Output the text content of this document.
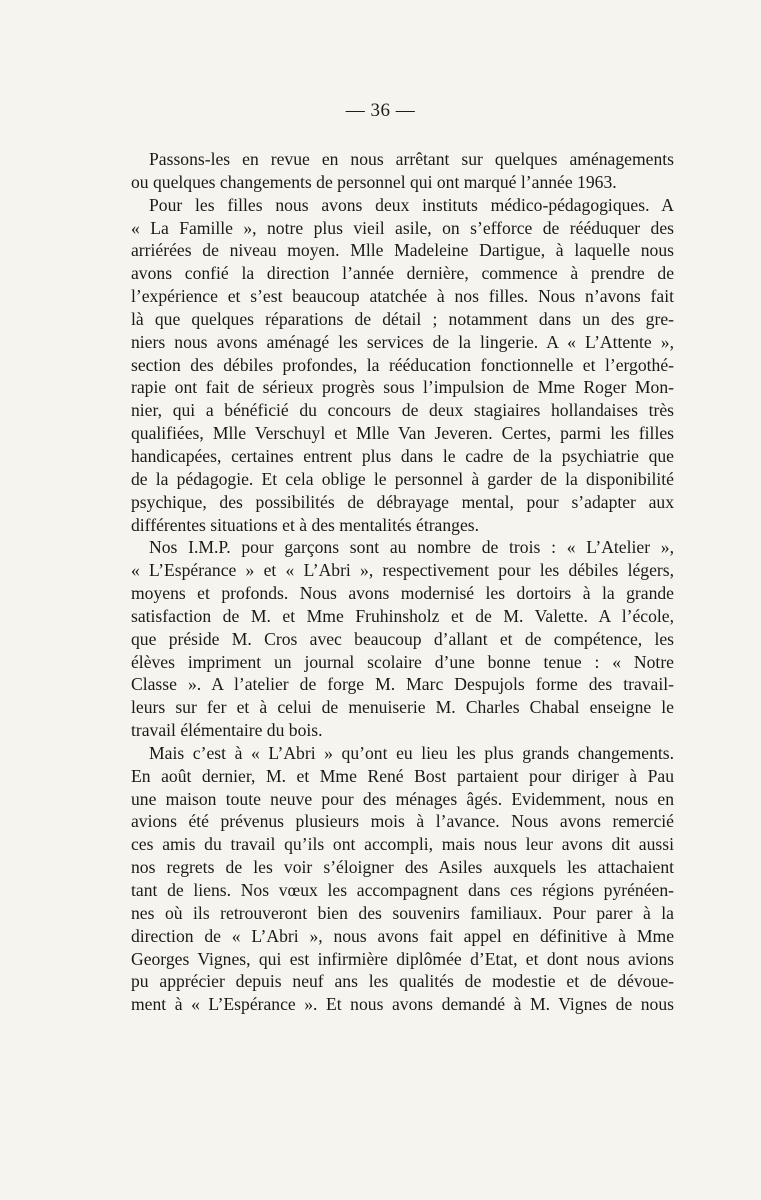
— 36 —
Passons-les en revue en nous arrêtant sur quelques aménagements
ou quelques changements de personnel qui ont marqué l’année 1963.
Pour les filles nous avons deux instituts médico-pédagogiques. A
« La Famille », notre plus vieil asile, on s’efforce de rééduquer des
arriérées de niveau moyen. Mlle Madeleine Dartigue, à laquelle nous
avons confié la direction l’année dernière, commence à prendre de
l’expérience et s’est beaucoup atatchée à nos filles. Nous n’avons fait
là que quelques réparations de détail ; notamment dans un des gre-
niers nous avons aménagé les services de la lingerie. A « L’Attente »,
section des débiles profondes, la rééducation fonctionnelle et l’ergothé-
rapie ont fait de sérieux progrès sous l’impulsion de Mme Roger Mon-
nier, qui a bénéficié du concours de deux stagiaires hollandaises très
qualifiées, Mlle Verschuyl et Mlle Van Jeveren. Certes, parmi les filles
handicapées, certaines entrent plus dans le cadre de la psychiatrie que
de la pédagogie. Et cela oblige le personnel à garder de la disponibilité
psychique, des possibilités de débrayage mental, pour s’adapter aux
différentes situations et à des mentalités étranges.
Nos I.M.P. pour garçons sont au nombre de trois : « L’Atelier »,
« L’Espérance » et « L’Abri », respectivement pour les débiles légers,
moyens et profonds. Nous avons modernisé les dortoirs à la grande
satisfaction de M. et Mme Fruhinsholz et de M. Valette. A l’école,
que préside M. Cros avec beaucoup d’allant et de compétence, les
élèves impriment un journal scolaire d’une bonne tenue : « Notre
Classe ». A l’atelier de forge M. Marc Despujols forme des travail-
leurs sur fer et à celui de menuiserie M. Charles Chabal enseigne le
travail élémentaire du bois.
Mais c’est à « L’Abri » qu’ont eu lieu les plus grands changements.
En août dernier, M. et Mme René Bost partaient pour diriger à Pau
une maison toute neuve pour des ménages âgés. Evidemment, nous en
avions été prévenus plusieurs mois à l’avance. Nous avons remercié
ces amis du travail qu’ils ont accompli, mais nous leur avons dit aussi
nos regrets de les voir s’éloigner des Asiles auxquels les attachaient
tant de liens. Nos vœux les accompagnent dans ces régions pyrénéen-
nes où ils retrouveront bien des souvenirs familiaux. Pour parer à la
direction de « L’Abri », nous avons fait appel en définitive à Mme
Georges Vignes, qui est infirmière diplômée d’Etat, et dont nous avions
pu apprécier depuis neuf ans les qualités de modestie et de dévoue-
ment à « L’Espérance ». Et nous avons demandé à M. Vignes de nous
